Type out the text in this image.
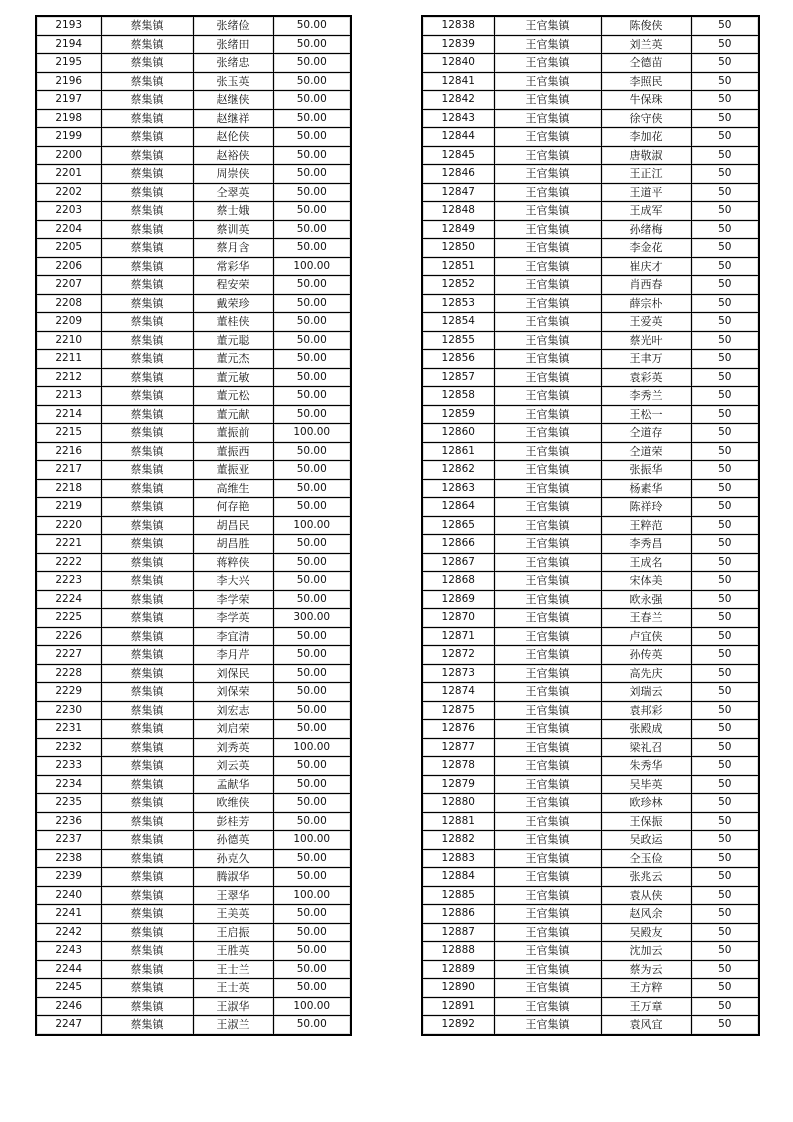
2193	蔡集镇	张绪俭	50.00
2194	蔡集镇	张绪田	50.00
2195	蔡集镇	张绪忠	50.00
2196	蔡集镇	张玉英	50.00
2197	蔡集镇	赵继侠	50.00
2198	蔡集镇	赵继祥	50.00
2199	蔡集镇	赵伦侠	50.00
2200	蔡集镇	赵裕侠	50.00
2201	蔡集镇	周崇侠	50.00
2202	蔡集镇	仝翠英	50.00
2203	蔡集镇	蔡士娥	50.00
2204	蔡集镇	蔡训英	50.00
2205	蔡集镇	蔡月含	50.00
2206	蔡集镇	常彩华	100.00
2207	蔡集镇	程安荣	50.00
2208	蔡集镇	戴荣珍	50.00
2209	蔡集镇	董桂侠	50.00
2210	蔡集镇	董元聪	50.00
2211	蔡集镇	董元杰	50.00
2212	蔡集镇	董元敏	50.00
2213	蔡集镇	董元松	50.00
2214	蔡集镇	董元献	50.00
2215	蔡集镇	董振前	100.00
2216	蔡集镇	董振西	50.00
2217	蔡集镇	董振亚	50.00
2218	蔡集镇	高维生	50.00
2219	蔡集镇	何存艳	50.00
2220	蔡集镇	胡昌民	100.00
2221	蔡集镇	胡昌胜	50.00
2222	蔡集镇	蒋粹侠	50.00
2223	蔡集镇	李大兴	50.00
2224	蔡集镇	李学荣	50.00
2225	蔡集镇	李学英	300.00
2226	蔡集镇	李宜清	50.00
2227	蔡集镇	李月芹	50.00
2228	蔡集镇	刘保民	50.00
2229	蔡集镇	刘保荣	50.00
2230	蔡集镇	刘宏志	50.00
2231	蔡集镇	刘启荣	50.00
2232	蔡集镇	刘秀英	100.00
2233	蔡集镇	刘云英	50.00
2234	蔡集镇	孟献华	50.00
2235	蔡集镇	欧维侠	50.00
2236	蔡集镇	彭桂芳	50.00
2237	蔡集镇	孙德英	100.00
2238	蔡集镇	孙克久	50.00
2239	蔡集镇	腾淑华	50.00
2240	蔡集镇	王翠华	100.00
2241	蔡集镇	王美英	50.00
2242	蔡集镇	王启振	50.00
2243	蔡集镇	王胜英	50.00
2244	蔡集镇	王士兰	50.00
2245	蔡集镇	王士英	50.00
2246	蔡集镇	王淑华	100.00
2247	蔡集镇	王淑兰	50.00
12838	王官集镇	陈俊侠	50
12839	王官集镇	刘兰英	50
12840	王官集镇	仝德苗	50
12841	王官集镇	李照民	50
12842	王官集镇	牛保珠	50
12843	王官集镇	徐守侠	50
12844	王官集镇	李加花	50
12845	王官集镇	唐敬淑	50
12846	王官集镇	王正江	50
12847	王官集镇	王道平	50
12848	王官集镇	王成军	50
12849	王官集镇	孙绪梅	50
12850	王官集镇	李金花	50
12851	王官集镇	崔庆才	50
12852	王官集镇	肖西春	50
12853	王官集镇	薛宗朴	50
12854	王官集镇	王爱英	50
12855	王官集镇	蔡光叶	50
12856	王官集镇	王聿万	50
12857	王官集镇	袁彩英	50
12858	王官集镇	李秀兰	50
12859	王官集镇	王松一	50
12860	王官集镇	仝道存	50
12861	王官集镇	仝道荣	50
12862	王官集镇	张振华	50
12863	王官集镇	杨素华	50
12864	王官集镇	陈祥玲	50
12865	王官集镇	王粹范	50
12866	王官集镇	李秀昌	50
12867	王官集镇	王成名	50
12868	王官集镇	宋体美	50
12869	王官集镇	欧永强	50
12870	王官集镇	王春兰	50
12871	王官集镇	卢宜侠	50
12872	王官集镇	孙传英	50
12873	王官集镇	高先庆	50
12874	王官集镇	刘瑞云	50
12875	王官集镇	袁邦彩	50
12876	王官集镇	张殿成	50
12877	王官集镇	梁礼召	50
12878	王官集镇	朱秀华	50
12879	王官集镇	吴毕英	50
12880	王官集镇	欧珍林	50
12881	王官集镇	王保振	50
12882	王官集镇	吴政运	50
12883	王官集镇	仝玉俭	50
12884	王官集镇	张兆云	50
12885	王官集镇	袁从侠	50
12886	王官集镇	赵风余	50
12887	王官集镇	吴殿友	50
12888	王官集镇	沈加云	50
12889	王官集镇	蔡为云	50
12890	王官集镇	王方粹	50
12891	王官集镇	王万章	50
12892	王官集镇	袁风宜	50
